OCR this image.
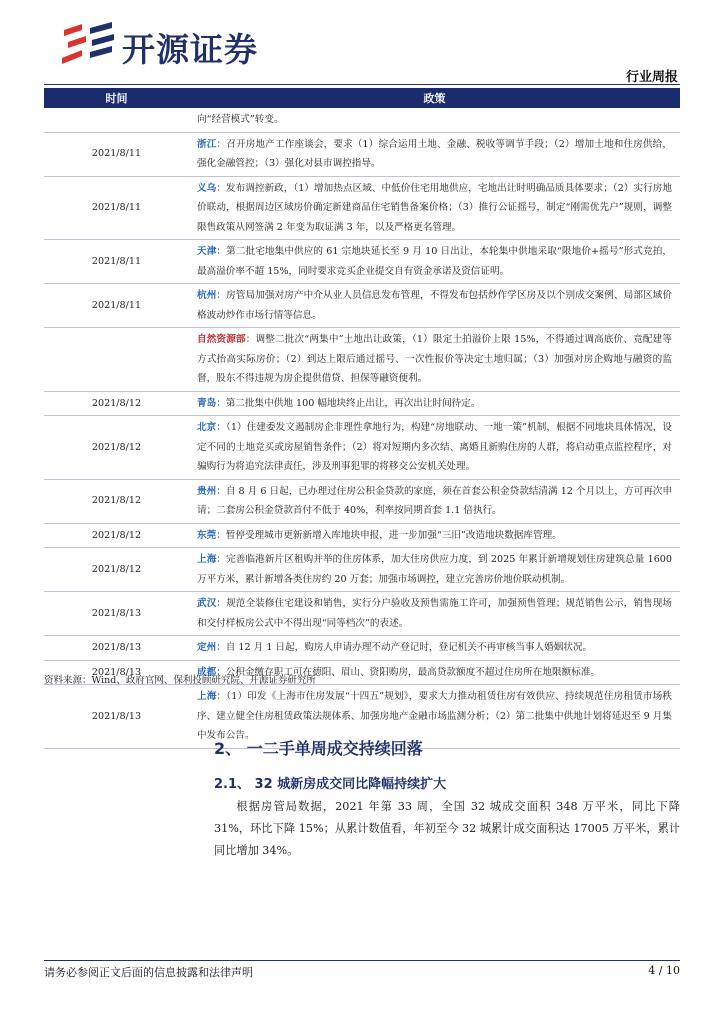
开源证券
行业周报
时间	政策
	向“经营模式”转变。
2021/8/11	浙江：召开房地产工作座谈会，要求（1）综合运用土地、金融、税收等调节手段；（2）增加土地和住房供给，强化金融管控；（3）强化对县市调控指导。
2021/8/11	义乌：发布调控新政，（1）增加热点区域、中低价住宅用地供应，宅地出让时明确品质具体要求；（2）实行房地价联动，根据周边区域房价确定新建商品住宅销售备案价格；（3）推行公证摇号，制定“刚需优先户”规则，调整限售政策从网签满 2 年变为取证满 3 年，以及严格更名管理。
2021/8/11	天津：第二批宅地集中供应的 61 宗地块延长至 9 月 10 日出让，本轮集中供地采取“限地价+摇号”形式竞拍，最高溢价率不超 15%，同时要求竞买企业提交自有资金承诺及资信证明。
2021/8/11	杭州：房管局加强对房产中介从业人员信息发布管理，不得发布包括炒作学区房及以个别成交案例、局部区域价格波动炒作市场行情等信息。
	自然资源部：调整二批次“两集中”土地出让政策，（1）限定土拍溢价上限 15%，不得通过调高底价、竞配建等方式抬高实际房价；（2）到达上限后通过摇号、一次性报价等决定土地归属；（3）加强对房企购地与融资的监督，股东不得违规为房企提供借贷、担保等融资便利。
2021/8/12	青岛：第二批集中供地 100 幅地块终止出让，再次出让时间待定。
2021/8/12	北京：（1）住建委发文遏制房企非理性拿地行为，构建“房地联动、一地一策”机制，根据不同地块具体情况，设定不同的土地竞买或房屋销售条件；（2）将对短期内多次结、离婚且新购住房的人群，将启动重点监控程序，对骗购行为将追究法律责任，涉及刑事犯罪的将移交公安机关处理。
2021/8/12	贵州：自 8 月 6 日起，已办理过住房公积金贷款的家庭，须在首套公积金贷款结清满 12 个月以上，方可再次申请；二套房公积金贷款首付不低于 40%，利率按同期首套 1.1 倍执行。
2021/8/12	东莞：暂停受理城市更新新增入库地块申报，进一步加强“三旧”改造地块数据库管理。
2021/8/12	上海：完善临港新片区租购并举的住房体系，加大住房供应力度，到 2025 年累计新增规划住房建筑总量 1600 万平方米，累计新增各类住房约 20 万套；加强市场调控，建立完善房价地价联动机制。
2021/8/13	武汉：规范全装修住宅建设和销售，实行分户验收及预售需施工许可，加强预售管理；规范销售公示，销售现场和交付样板房公式中不得出现“同等档次”的表述。
2021/8/13	定州：自 12 月 1 日起，购房人申请办理不动产登记时，登记机关不再审核当事人婚姻状况。
2021/8/13	成都：公积金缴存职工可在德阳、眉山、资阳购房，最高贷款额度不超过住房所在地限额标准。
2021/8/13	上海：（1）印发《上海市住房发展“十四五”规划》，要求大力推动租赁住房有效供应、持续规范住房租赁市场秩序、建立健全住房租赁政策法规体系、加强房地产金融市场监测分析；（2）第二批集中供地计划将延迟至 9 月集中发布公告。
资料来源：Wind、政府官网、保利投顾研究院、开源证券研究所
2、 一二手单周成交持续回落
2.1、 32 城新房成交同比降幅持续扩大

根据房管局数据，2021 年第 33 周，全国 32 城成交面积 348 万平米，同比下降 31%，环比下降 15%；从累计数值看，年初至今 32 城累计成交面积达 17005 万平米，累计同比增加 34%。

请务必参阅正文后面的信息披露和法律声明	4 / 10
